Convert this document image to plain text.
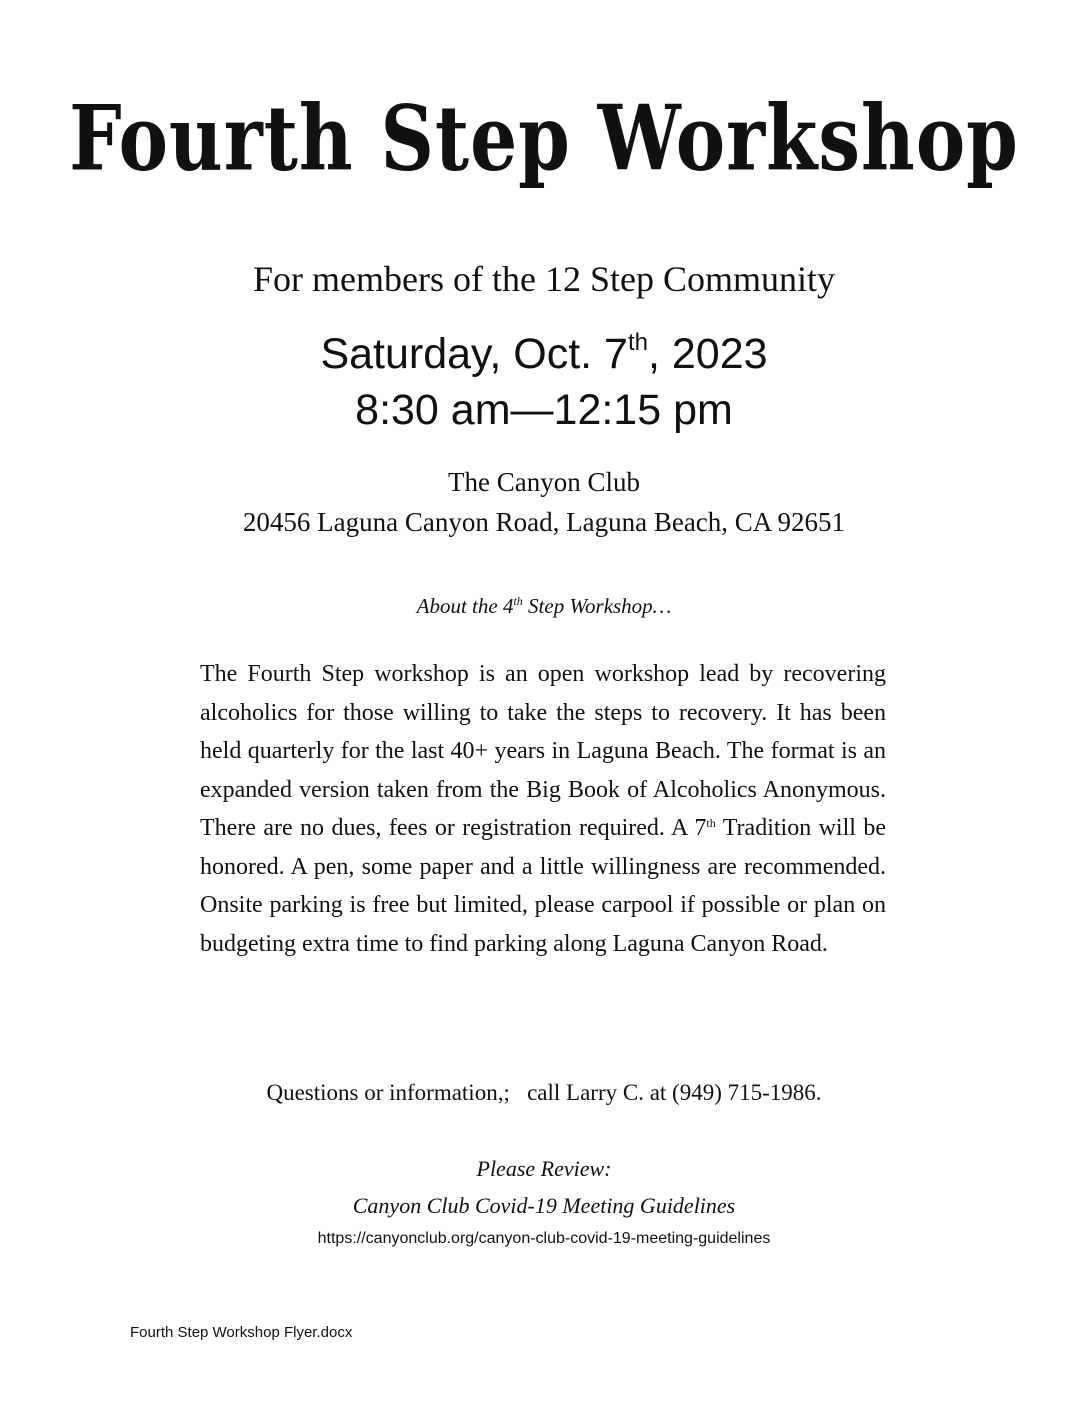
Fourth Step Workshop

For members of the 12 Step Community

Saturday, Oct. 7th, 2023

8:30 am—12:15 pm

The Canyon Club

20456 Laguna Canyon Road, Laguna Beach, CA 92651

About the 4th Step Workshop…

The Fourth Step workshop is an open workshop lead by recovering alcoholics for those willing to take the steps to recovery. It has been held quarterly for the last 40+ years in Laguna Beach. The format is an expanded version taken from the Big Book of Alcoholics Anonymous. There are no dues, fees or registration required. A 7th Tradition will be honored. A pen, some paper and a little willingness are recommended. Onsite parking is free but limited, please carpool if possible or plan on budgeting extra time to find parking along Laguna Canyon Road.

Questions or information,;   call Larry C. at (949) 715-1986.

Please Review:

Canyon Club Covid-19 Meeting Guidelines

https://canyonclub.org/canyon-club-covid-19-meeting-guidelines

Fourth Step Workshop Flyer.docx
